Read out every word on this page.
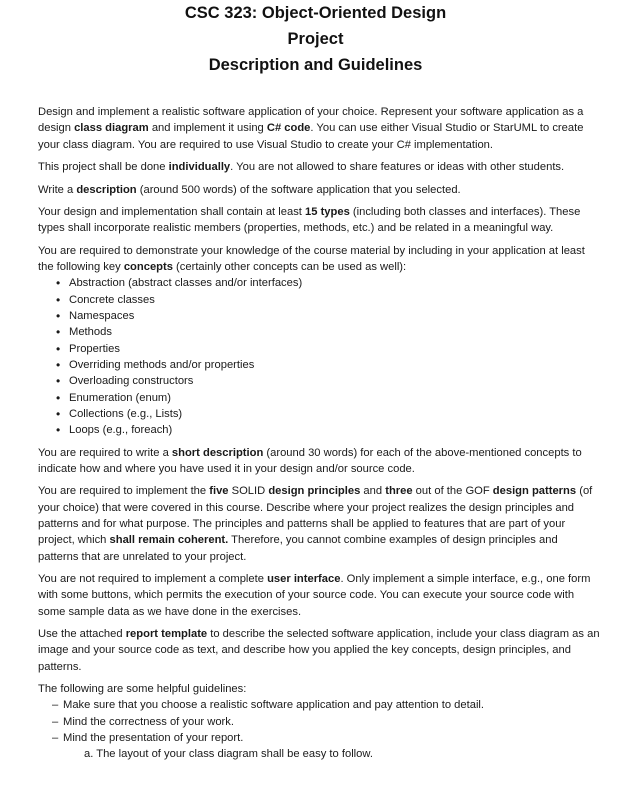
CSC 323: Object-Oriented Design

Project

Description and Guidelines

Design and implement a realistic software application of your choice. Represent your software application as a design class diagram and implement it using C# code. You can use either Visual Studio or StarUML to create your class diagram. You are required to use Visual Studio to create your C# implementation.

This project shall be done individually. You are not allowed to share features or ideas with other students.

Write a description (around 500 words) of the software application that you selected.

Your design and implementation shall contain at least 15 types (including both classes and interfaces). These types shall incorporate realistic members (properties, methods, etc.) and be related in a meaningful way.

You are required to demonstrate your knowledge of the course material by including in your application at least the following key concepts (certainly other concepts can be used as well):

• Abstraction (abstract classes and/or interfaces)
• Concrete classes
• Namespaces
• Methods
• Properties
• Overriding methods and/or properties
• Overloading constructors
• Enumeration (enum)
• Collections (e.g., Lists)
• Loops (e.g., foreach)

You are required to write a short description (around 30 words) for each of the above-mentioned concepts to indicate how and where you have used it in your design and/or source code.

You are required to implement the five SOLID design principles and three out of the GOF design patterns (of your choice) that were covered in this course. Describe where your project realizes the design principles and patterns and for what purpose. The principles and patterns shall be applied to features that are part of your project, which shall remain coherent. Therefore, you cannot combine examples of design principles and patterns that are unrelated to your project.

You are not required to implement a complete user interface. Only implement a simple interface, e.g., one form with some buttons, which permits the execution of your source code. You can execute your source code with some sample data as we have done in the exercises.

Use the attached report template to describe the selected software application, include your class diagram as an image and your source code as text, and describe how you applied the key concepts, design principles, and patterns.

The following are some helpful guidelines:

– Make sure that you choose a realistic software application and pay attention to detail.
– Mind the correctness of your work.
– Mind the presentation of your report.
a. The layout of your class diagram shall be easy to follow.
